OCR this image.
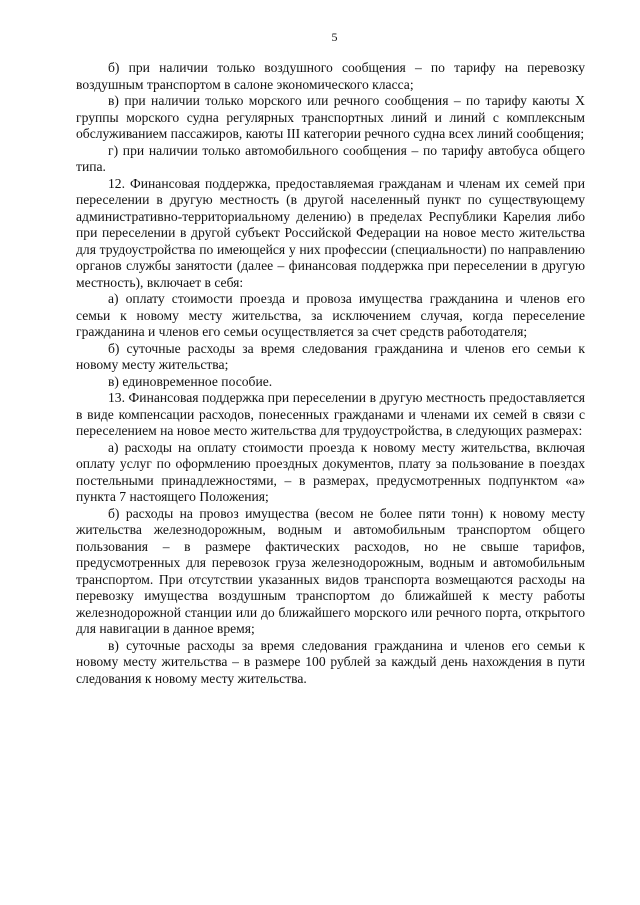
5

б) при наличии только воздушного сообщения – по тарифу на перевозку воздушным транспортом в салоне экономического класса;

в) при наличии только морского или речного сообщения – по тарифу каюты X группы морского судна регулярных транспортных линий и линий с комплексным обслуживанием пассажиров, каюты III категории речного судна всех линий сообщения;

г) при наличии только автомобильного сообщения – по тарифу автобуса общего типа.

12. Финансовая поддержка, предоставляемая гражданам и членам их семей при переселении в другую местность (в другой населенный пункт по существующему административно-территориальному делению) в пределах Республики Карелия либо при переселении в другой субъект Российской Федерации на новое место жительства для трудоустройства по имеющейся у них профессии (специальности) по направлению органов службы занятости (далее – финансовая поддержка при переселении в другую местность), включает в себя:

а) оплату стоимости проезда и провоза имущества гражданина и членов его семьи к новому месту жительства, за исключением случая, когда переселение гражданина и членов его семьи осуществляется за счет средств работодателя;

б) суточные расходы за время следования гражданина и членов его семьи к новому месту жительства;

в) единовременное пособие.

13. Финансовая поддержка при переселении в другую местность предоставляется в виде компенсации расходов, понесенных гражданами и членами их семей в связи с переселением на новое место жительства для трудоустройства, в следующих размерах:

а) расходы на оплату стоимости проезда к новому месту жительства, включая оплату услуг по оформлению проездных документов, плату за пользование в поездах постельными принадлежностями, – в размерах, предусмотренных подпунктом «а» пункта 7 настоящего Положения;

б) расходы на провоз имущества (весом не более пяти тонн) к новому месту жительства железнодорожным, водным и автомобильным транспортом общего пользования – в размере фактических расходов, но не свыше тарифов, предусмотренных для перевозок груза железнодорожным, водным и автомобильным транспортом. При отсутствии указанных видов транспорта возмещаются расходы на перевозку имущества воздушным транспортом до ближайшей к месту работы железнодорожной станции или до ближайшего морского или речного порта, открытого для навигации в данное время;

в) суточные расходы за время следования гражданина и членов его семьи к новому месту жительства – в размере 100 рублей за каждый день нахождения в пути следования к новому месту жительства.
